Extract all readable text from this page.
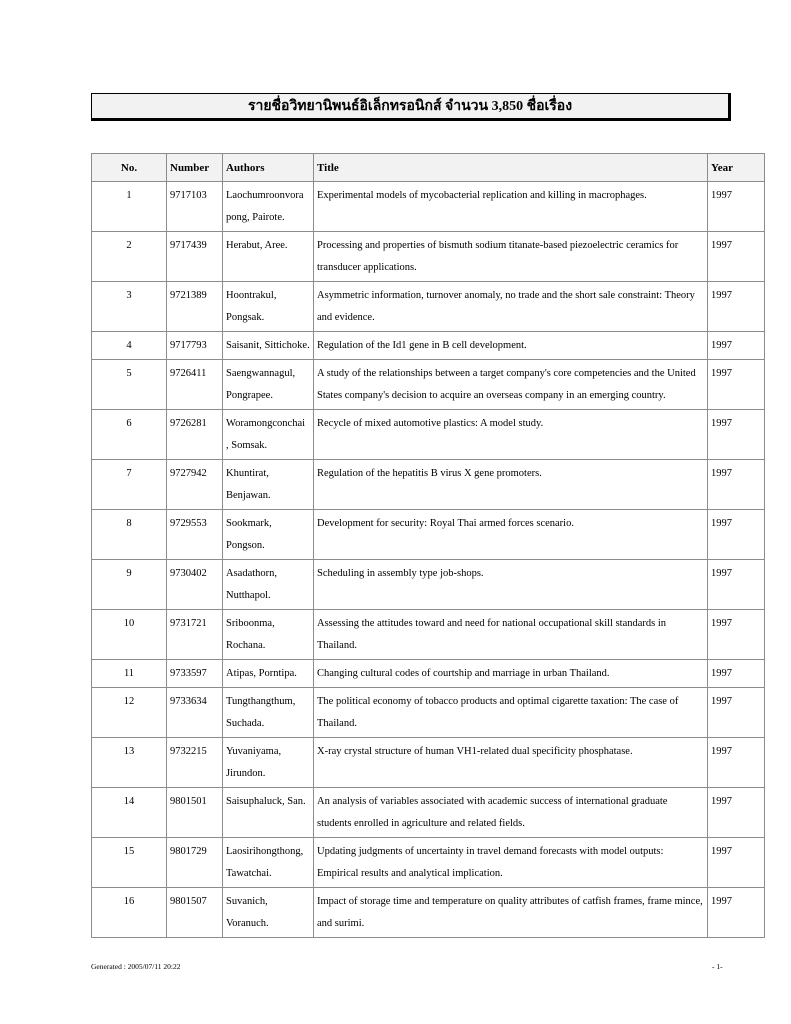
รายชื่อวิทยานิพนธ์อิเล็กทรอนิกส์ จำนวน 3,850 ชื่อเรื่อง
No.	Number	Authors	Title	Year
1	9717103	Laochumroonvora pong, Pairote.	Experimental models of mycobacterial replication and killing in macrophages.	1997
2	9717439	Herabut, Aree.	Processing and properties of bismuth sodium titanate-based piezoelectric ceramics for transducer applications.	1997
3	9721389	Hoontrakul, Pongsak.	Asymmetric information, turnover anomaly, no trade and the short sale constraint: Theory and evidence.	1997
4	9717793	Saisanit, Sittichoke.	Regulation of the Id1 gene in B cell development.	1997
5	9726411	Saengwannagul, Pongrapee.	A study of the relationships between a target company's core competencies and the United States company's decision to acquire an overseas company in an emerging country.	1997
6	9726281	Woramongconchai , Somsak.	Recycle of mixed automotive plastics: A model study.	1997
7	9727942	Khuntirat, Benjawan.	Regulation of the hepatitis B virus X gene promoters.	1997
8	9729553	Sookmark, Pongson.	Development for security: Royal Thai armed forces scenario.	1997
9	9730402	Asadathorn, Nutthapol.	Scheduling in assembly type job-shops.	1997
10	9731721	Sriboonma, Rochana.	Assessing the attitudes toward and need for national occupational skill standards in Thailand.	1997
11	9733597	Atipas, Porntipa.	Changing cultural codes of courtship and marriage in urban Thailand.	1997
12	9733634	Tungthangthum, Suchada.	The political economy of tobacco products and optimal cigarette taxation: The case of Thailand.	1997
13	9732215	Yuvaniyama, Jirundon.	X-ray crystal structure of human VH1-related dual specificity phosphatase.	1997
14	9801501	Saisuphaluck, San.	An analysis of variables associated with academic success of international graduate students enrolled in agriculture and related fields.	1997
15	9801729	Laosirihongthong, Tawatchai.	Updating judgments of uncertainty in travel demand forecasts with model outputs: Empirical results and analytical implication.	1997
16	9801507	Suvanich, Voranuch.	Impact of storage time and temperature on quality attributes of catfish frames, frame mince, and surimi.	1997
Generated : 2005/07/11 20:22	- 1-
